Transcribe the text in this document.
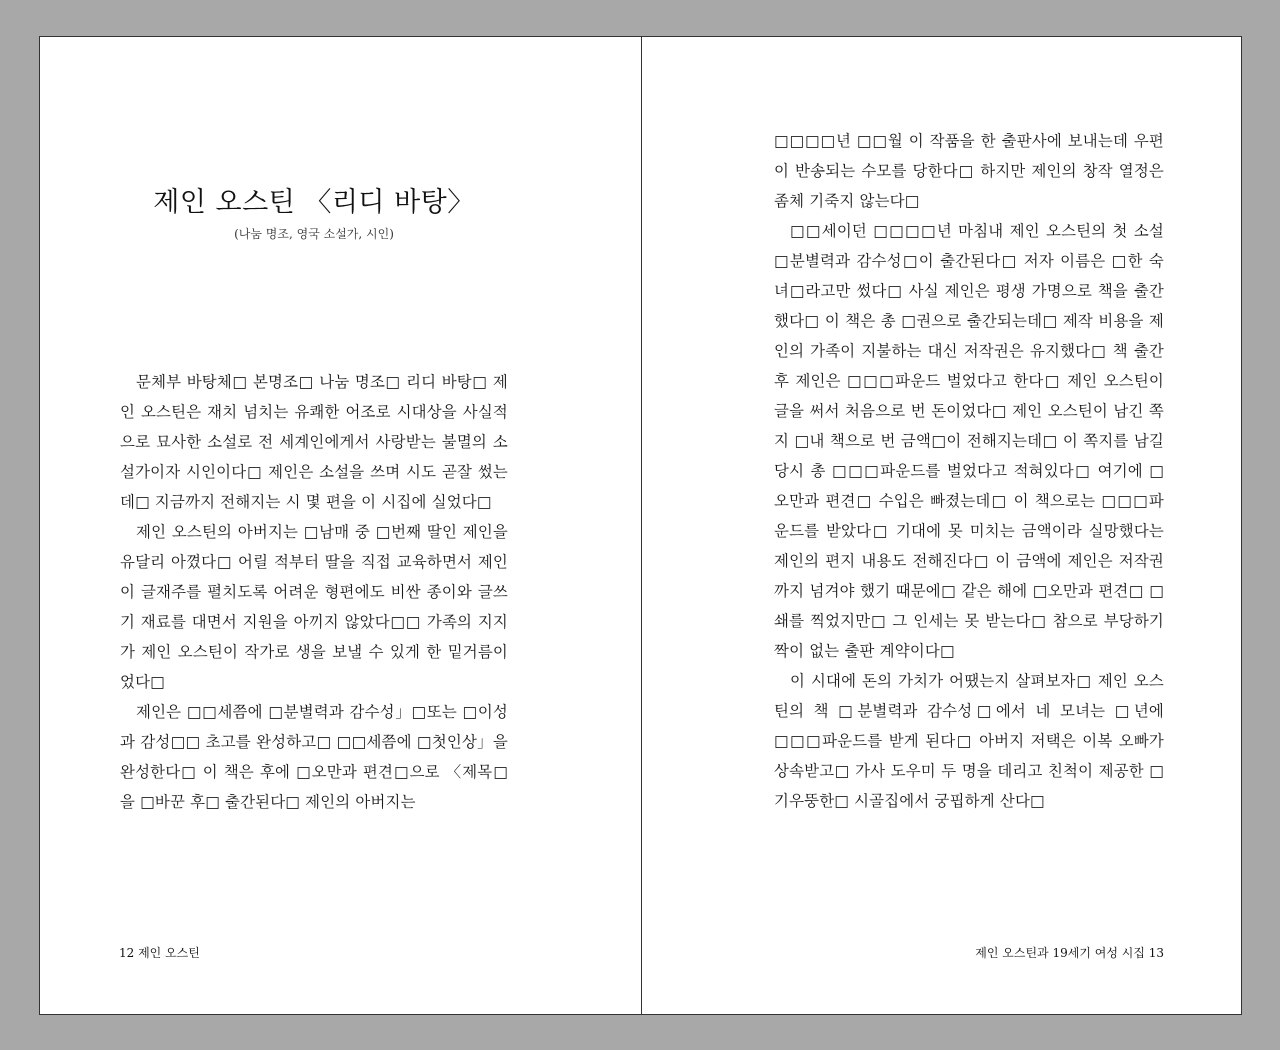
제인 오스틴 〈리디 바탕〉
(나눔 명조, 영국 소설가, 시인)

문체부 바탕체□ 본명조□ 나눔 명조□ 리디 바탕□ 제인 오스틴은 재치 넘치는 유쾌한 어조로 시대상을 사실적으로 묘사한 소설로 전 세계인에게서 사랑받는 불멸의 소설가이자 시인이다□ 제인은 소설을 쓰며 시도 곧잘 썼는데□ 지금까지 전해지는 시 몇 편을 이 시집에 실었다□

제인 오스틴의 아버지는 □남매 중 □번째 딸인 제인을 유달리 아꼈다□ 어릴 적부터 딸을 직접 교육하면서 제인이 글재주를 펼치도록 어려운 형편에도 비싼 종이와 글쓰기 재료를 대면서 지원을 아끼지 않았다□□ 가족의 지지가 제인 오스틴이 작가로 생을 보낼 수 있게 한 밑거름이었다□

제인은 □□세쯤에 □분별력과 감수성」□또는 □이성과 감성□□ 초고를 완성하고□ □□세쯤에 □첫인상」을 완성한다□ 이 책은 후에 □오만과 편견□으로 〈제목□을 □바꾼 후□ 출간된다□ 제인의 아버지는

12 제인 오스틴

□□□□년 □□월 이 작품을 한 출판사에 보내는데 우편이 반송되는 수모를 당한다□ 하지만 제인의 창작 열정은 좀체 기죽지 않는다□

□□세이던 □□□□년 마침내 제인 오스틴의 첫 소설 □분별력과 감수성□이 출간된다□ 저자 이름은 □한 숙녀□라고만 썼다□ 사실 제인은 평생 가명으로 책을 출간했다□ 이 책은 총 □권으로 출간되는데□ 제작 비용을 제인의 가족이 지불하는 대신 저작권은 유지했다□ 책 출간 후 제인은 □□□파운드 벌었다고 한다□ 제인 오스틴이 글을 써서 처음으로 번 돈이었다□ 제인 오스틴이 남긴 쪽지 □내 책으로 번 금액□이 전해지는데□ 이 쪽지를 남길 당시 총 □□□파운드를 벌었다고 적혀있다□ 여기에 □오만과 편견□ 수입은 빠졌는데□ 이 책으로는 □□□파운드를 받았다□ 기대에 못 미치는 금액이라 실망했다는 제인의 편지 내용도 전해진다□ 이 금액에 제인은 저작권까지 넘겨야 했기 때문에□ 같은 해에 □오만과 편견□ □쇄를 찍었지만□ 그 인세는 못 받는다□ 참으로 부당하기 짝이 없는 출판 계약이다□

이 시대에 돈의 가치가 어땠는지 살펴보자□ 제인 오스틴의 책 □분별력과 감수성□에서 네 모녀는 □년에 □□□파운드를 받게 된다□ 아버지 저택은 이복 오빠가 상속받고□ 가사 도우미 두 명을 데리고 친척이 제공한 □기우뚱한□ 시골집에서 궁핍하게 산다□

제인 오스틴과 19세기 여성 시집 13
